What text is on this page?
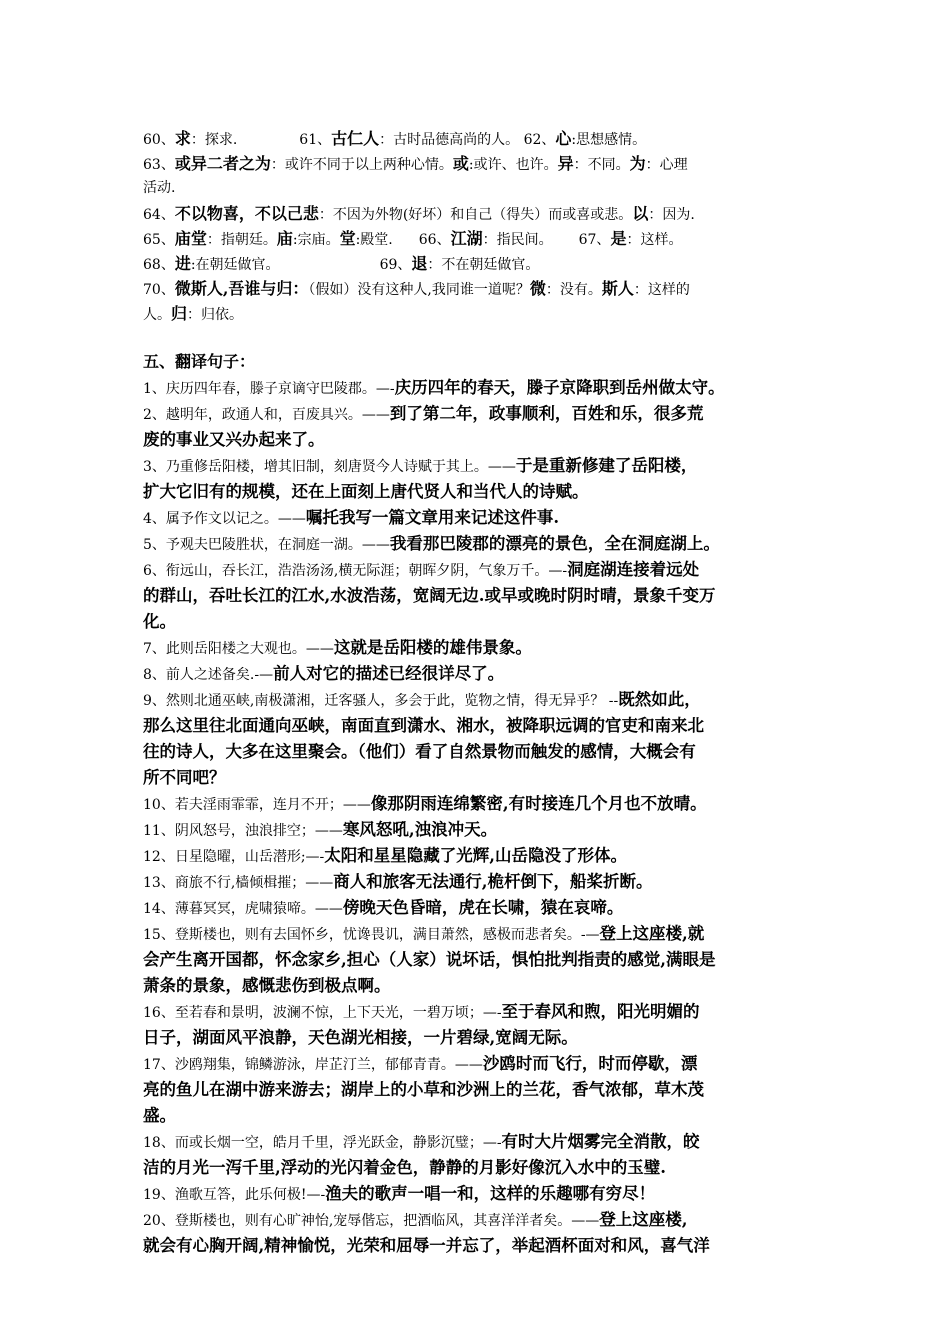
60、求：探求.	61、古仁人：古时品德高尚的人。 62、心:思想感情。
63、或异二者之为：或许不同于以上两种心情。或:或许、也许。异：不同。为：心理
活动.
64、不以物喜，不以己悲：不因为外物(好坏）和自己（得失）而或喜或悲。以：因为.
65、庙堂：指朝廷。庙:宗庙。堂:殿堂. 66、江湖：指民间。 67、是：这样。
68、进:在朝廷做官。	69、退：不在朝廷做官。
70、微斯人,吾谁与归：（假如）没有这种人,我同谁一道呢？微：没有。斯人：这样的
人。归：归依。
五、翻译句子：
1、庆历四年春，滕子京谪守巴陵郡。—-庆历四年的春天，滕子京降职到岳州做太守。
2、越明年，政通人和，百废具兴。——到了第二年，政事顺利，百姓和乐，很多荒
废的事业又兴办起来了。
3、乃重修岳阳楼，增其旧制，刻唐贤今人诗赋于其上。——于是重新修建了岳阳楼，
扩大它旧有的规模，还在上面刻上唐代贤人和当代人的诗赋。
4、属予作文以记之。——嘱托我写一篇文章用来记述这件事.
5、予观夫巴陵胜状，在洞庭一湖。——我看那巴陵郡的漂亮的景色，全在洞庭湖上。
6、衔远山，吞长江，浩浩汤汤,横无际涯；朝晖夕阴，气象万千。—-洞庭湖连接着远处
的群山，吞吐长江的江水,水波浩荡，宽阔无边.或早或晚时阴时晴，景象千变万
化。
7、此则岳阳楼之大观也。——这就是岳阳楼的雄伟景象。
8、前人之述备矣.-—前人对它的描述已经很详尽了。
9、然则北通巫峡,南极潇湘，迁客骚人，多会于此，览物之情，得无异乎？ --既然如此，
那么这里往北面通向巫峡，南面直到潇水、湘水，被降职远调的官吏和南来北
往的诗人，大多在这里聚会。（他们）看了自然景物而触发的感情，大概会有
所不同吧？
10、若夫淫雨霏霏，连月不开；——像那阴雨连绵繁密,有时接连几个月也不放晴。
11、阴风怒号，浊浪排空；——寒风怒吼,浊浪冲天。
12、日星隐曜，山岳潜形;—-太阳和星星隐藏了光辉,山岳隐没了形体。
13、商旅不行,樯倾楫摧；——商人和旅客无法通行,桅杆倒下，船桨折断。
14、薄暮冥冥，虎啸猿啼。——傍晚天色昏暗，虎在长啸，猿在哀啼。
15、登斯楼也，则有去国怀乡，忧谗畏讥，满目萧然，感极而悲者矣。-—登上这座楼,就
会产生离开国都，怀念家乡,担心（人家）说坏话，惧怕批判指责的感觉,满眼是
萧条的景象，感慨悲伤到极点啊。
16、至若春和景明，波澜不惊，上下天光，一碧万顷；—-至于春风和煦，阳光明媚的
日子，湖面风平浪静，天色湖光相接，一片碧绿,宽阔无际。
17、沙鸥翔集，锦鳞游泳，岸芷汀兰，郁郁青青。——沙鸥时而飞行，时而停歇，漂
亮的鱼儿在湖中游来游去；湖岸上的小草和沙洲上的兰花，香气浓郁，草木茂
盛。
18、而或长烟一空，皓月千里，浮光跃金，静影沉璧；—-有时大片烟雾完全消散，皎
洁的月光一泻千里,浮动的光闪着金色，静静的月影好像沉入水中的玉璧.
19、渔歌互答，此乐何极!—-渔夫的歌声一唱一和，这样的乐趣哪有穷尽！
20、登斯楼也，则有心旷神怡,宠辱偕忘，把酒临风，其喜洋洋者矣。——登上这座楼,
就会有心胸开阔,精神愉悦，光荣和屈辱一并忘了，举起酒杯面对和风，喜气洋
